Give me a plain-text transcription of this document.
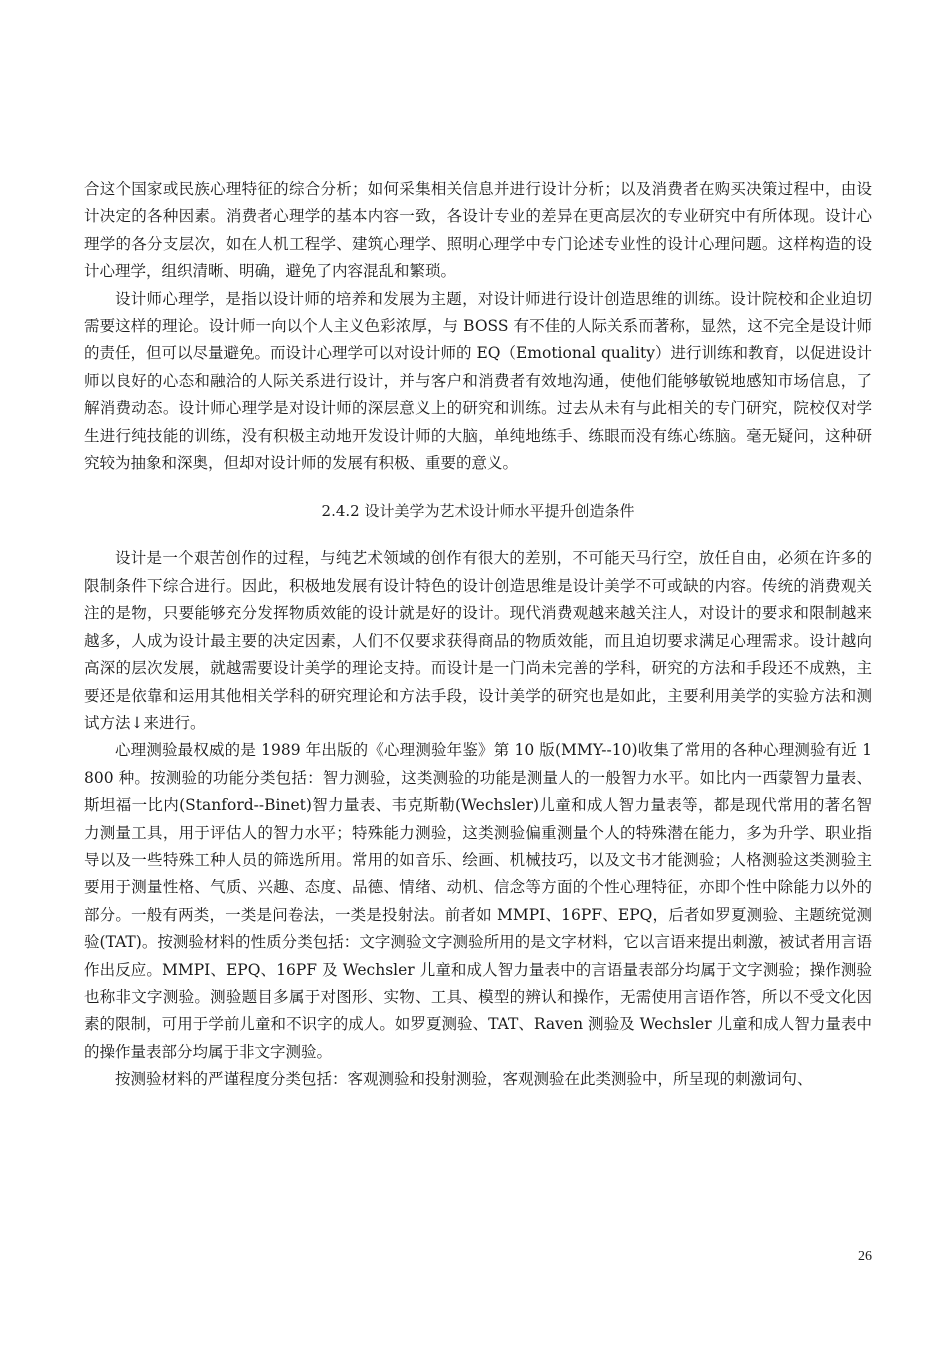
合这个国家或民族心理特征的综合分析；如何采集相关信息并进行设计分析；以及消费者在购买决策过程中，由设计决定的各种因素。消费者心理学的基本内容一致，各设计专业的差异在更高层次的专业研究中有所体现。设计心理学的各分支层次，如在人机工程学、建筑心理学、照明心理学中专门论述专业性的设计心理问题。这样构造的设计心理学，组织清晰、明确，避免了内容混乱和繁琐。

设计师心理学，是指以设计师的培养和发展为主题，对设计师进行设计创造思维的训练。设计院校和企业迫切需要这样的理论。设计师一向以个人主义色彩浓厚，与 BOSS 有不佳的人际关系而著称，显然，这不完全是设计师的责任，但可以尽量避免。而设计心理学可以对设计师的 EQ（Emotional quality）进行训练和教育，以促进设计师以良好的心态和融洽的人际关系进行设计，并与客户和消费者有效地沟通，使他们能够敏锐地感知市场信息，了解消费动态。设计师心理学是对设计师的深层意义上的研究和训练。过去从未有与此相关的专门研究，院校仅对学生进行纯技能的训练，没有积极主动地开发设计师的大脑，单纯地练手、练眼而没有练心练脑。毫无疑问，这种研究较为抽象和深奥，但却对设计师的发展有积极、重要的意义。

2.4.2 设计美学为艺术设计师水平提升创造条件

设计是一个艰苦创作的过程，与纯艺术领域的创作有很大的差别，不可能天马行空，放任自由，必须在许多的限制条件下综合进行。因此，积极地发展有设计特色的设计创造思维是设计美学不可或缺的内容。传统的消费观关注的是物，只要能够充分发挥物质效能的设计就是好的设计。现代消费观越来越关注人，对设计的要求和限制越来越多，人成为设计最主要的决定因素，人们不仅要求获得商品的物质效能，而且迫切要求满足心理需求。设计越向高深的层次发展，就越需要设计美学的理论支持。而设计是一门尚未完善的学科，研究的方法和手段还不成熟，主要还是依靠和运用其他相关学科的研究理论和方法手段，设计美学的研究也是如此，主要利用美学的实验方法和测试方法↓来进行。

心理测验最权威的是 1989 年出版的《心理测验年鉴》第 10 版(MMY--10)收集了常用的各种心理测验有近 1800 种。按测验的功能分类包括：智力测验，这类测验的功能是测量人的一般智力水平。如比内一西蒙智力量表、斯坦福一比内(Stanford--Binet)智力量表、韦克斯勒(Wechsler)儿童和成人智力量表等，都是现代常用的著名智力测量工具，用于评估人的智力水平；特殊能力测验，这类测验偏重测量个人的特殊潜在能力，多为升学、职业指导以及一些特殊工种人员的筛选所用。常用的如音乐、绘画、机械技巧，以及文书才能测验；人格测验这类测验主要用于测量性格、气质、兴趣、态度、品德、情绪、动机、信念等方面的个性心理特征，亦即个性中除能力以外的部分。一般有两类，一类是问卷法，一类是投射法。前者如 MMPI、16PF、EPQ，后者如罗夏测验、主题统觉测验(TAT)。按测验材料的性质分类包括：文字测验文字测验所用的是文字材料，它以言语来提出刺激，被试者用言语作出反应。MMPI、EPQ、16PF 及 Wechsler 儿童和成人智力量表中的言语量表部分均属于文字测验；操作测验也称非文字测验。测验题目多属于对图形、实物、工具、模型的辨认和操作，无需使用言语作答，所以不受文化因素的限制，可用于学前儿童和不识字的成人。如罗夏测验、TAT、Raven 测验及 Wechsler 儿童和成人智力量表中的操作量表部分均属于非文字测验。

按测验材料的严谨程度分类包括：客观测验和投射测验，客观测验在此类测验中，所呈现的刺激词句、

26
